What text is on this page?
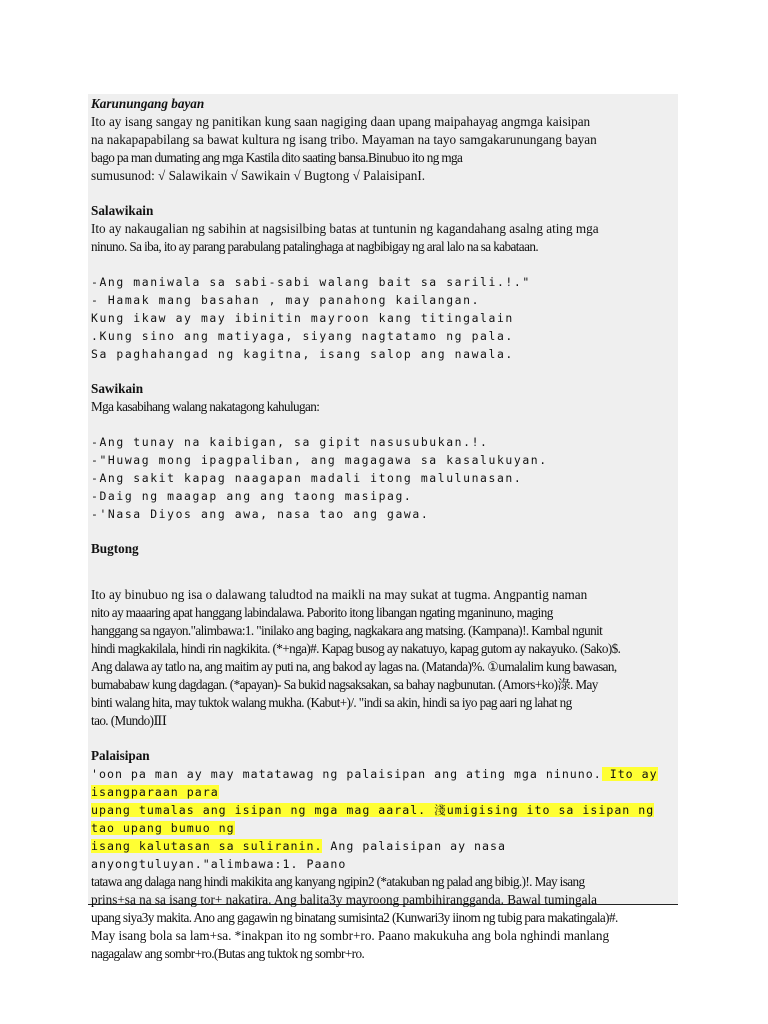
Karunungang bayan
Ito ay isang sangay ng panitikan kung saan nagiging daan upang maipahayag angmga kaisipan
na nakapapabilang sa bawat kultura ng isang tribo. Mayaman na tayo samgakarunungang bayan
bago pa man dumating ang mga Kastila dito saating bansa.Binubuo ito ng mga
sumusunod: √ Salawikain √ Sawikain √ Bugtong √ PalaisipanI.
Salawikain
Ito ay nakaugalian ng sabihin at nagsisilbing batas at tuntunin ng kagandahang asalng ating mga
ninuno. Sa iba, ito ay parang parabulang patalinghaga at nagbibigay ng aral lalo na sa kabataan.
-Ang maniwala sa sabi-sabi walang bait sa sarili.!."
- Hamak mang basahan , may panahong kailangan.
Kung ikaw ay may ibinitin mayroon kang titingalain
.Kung sino ang matiyaga, siyang nagtatamo ng pala.
Sa paghahangad ng kagitna, isang salop ang nawala.
Sawikain
Mga kasabihang walang nakatagong kahulugan:
-Ang tunay na kaibigan, sa gipit nasusubukan.!.
-"Huwag mong ipagpaliban, ang magagawa sa kasalukuyan.
-Ang sakit kapag naagapan madali itong malulunasan.
-Daig ng maagap ang ang taong masipag.
-'Nasa Diyos ang awa, nasa tao ang gawa.
Bugtong
Ito ay binubuo ng isa o dalawang taludtod na maikli na may sukat at tugma. Angpantig naman
nito ay maaaring apat hanggang labindalawa. Paborito itong libangan ngating mganinuno, maging
hanggang sa ngayon."alimbawa:1. "inilako ang baging, nagkakara ang matsing. (Kampana)!. Kambal ngunit
hindi magkakilala, hindi rin nagkikita. (*+nga)#. Kapag busog ay nakatuyo, kapag gutom ay nakayuko. (Sako)$.
Ang dalawa ay tatlo na, ang maitim ay puti na, ang bakod ay lagas na. (Matanda)%. ①umalalim kung bawasan,
bumababaw kung dagdagan. (*apayan)- Sa bukid nagsaksakan, sa bahay nagbunutan. (Amors+ko)淥. May
binti walang hita, may tuktok walang mukha. (Kabut+)/. "indi sa akin, hindi sa iyo pag aari ng lahat ng
tao. (Mundo)ⅡⅠ
Palaisipan
'oon pa man ay may matatawag ng palaisipan ang ating mga ninuno. Ito ay isangparaan para
upang tumalas ang isipan ng mga mag aaral. 淺umigising ito sa isipan ng tao upang bumuo ng
isang kalutasan sa suliranin. Ang palaisipan ay nasa anyongtuluyan."alimbawa:1. Paano
tatawa ang dalaga nang hindi makikita ang kanyang ngipin2 (*atakuban ng palad ang bibig.)!. May isang
prins+sa na sa isang tor+ nakatira. Ang balita3y mayroong pambihirangganda. Bawal tumingala
upang siya3y makita. Ano ang gagawin ng binatang sumisinta2 (Kunwari3y iinom ng tubig para makatingala)#.
May isang bola sa lam+sa. *inakpan ito ng sombr+ro. Paano makukuha ang bola nghindi manlang
nagagalaw ang sombr+ro.(Butas ang tuktok ng sombr+ro.
